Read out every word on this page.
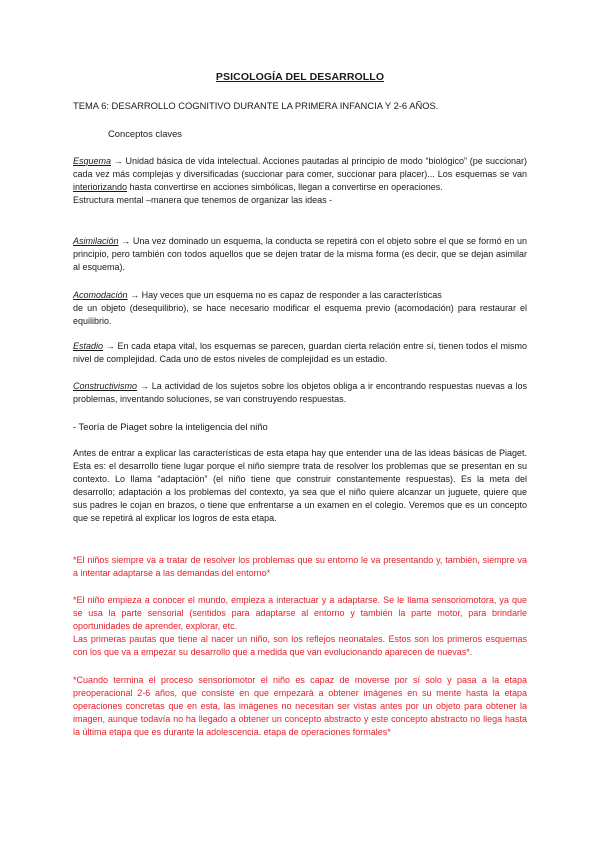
PSICOLOGÍA DEL DESARROLLO
TEMA 6: DESARROLLO COGNITIVO DURANTE LA PRIMERA INFANCIA Y 2-6 AÑOS.
Conceptos claves

Esquema → Unidad básica de vida intelectual. Acciones pautadas al principio de modo “biológico” (pe succionar) cada vez más complejas y diversificadas (succionar para comer, succionar para placer)... Los esquemas se van interiorizando hasta convertirse en acciones simbólicas, llegan a convertirse en operaciones.

Estructura mental –manera que tenemos de organizar las ideas -

Asimilación → Una vez dominado un esquema, la conducta se repetirá con el objeto sobre el que se formó en un principio, pero también con todos aquellos que se dejen tratar de la misma forma (es decir, que se dejan asimilar al esquema).

Acomodación → Hay veces que un esquema no es capaz de responder a las características

de un objeto (desequilibrio), se hace necesario modificar el esquema previo (acomodación) para restaurar el equilibrio.

Estadio → En cada etapa vital, los esquemas se parecen, guardan cierta relación entre sí, tienen todos el mismo nivel de complejidad. Cada uno de estos niveles de complejidad es un estadio.

Constructivismo → La actividad de los sujetos sobre los objetos obliga a ir encontrando respuestas nuevas a los problemas, inventando soluciones, se van construyendo respuestas.

- Teoría de Piaget sobre la inteligencia del niño

Antes de entrar a explicar las características de esta etapa hay que entender una de las ideas básicas de Piaget. Esta es: el desarrollo tiene lugar porque el niño siempre trata de resolver los problemas que se presentan en su contexto. Lo llama “adaptación” (el niño tiene que construir constantemente respuestas). Es la meta del desarrollo; adaptación a los problemas del contexto, ya sea que el niño quiere alcanzar un juguete, quiere que sus padres le cojan en brazos, o tiene que enfrentarse a un examen en el colegio. Veremos que es un concepto que se repetirá al explicar los logros de esta etapa.

*El niños siempre va a tratar de resolver los problemas que su entorno le va presentando y, también, siempre va a intentar adaptarse a las demandas del entorno*

*El niño empieza a conocer el mundo, empieza a interactuar y a adaptarse. Se le llama sensoriomotora, ya que se usa la parte sensorial (sentidos para adaptarse al entorno y también la parte motor, para brindarle oportunidades de aprender, explorar, etc.

Las primeras pautas que tiene al nacer un niño, son los reflejos neonatales. Estos son los primeros esquemas con los que va a empezar su desarrollo que a medida que van evolucionando aparecen de nuevas*.

*Cuando termina el proceso sensoriomotor el niño es capaz de moverse por sí solo y pasa a la etapa preoperacional 2-6 años, que consiste en que empezará a obtener imágenes en su mente hasta la etapa operaciones concretas que en esta, las imágenes no necesitan ser vistas antes por un objeto para obtener la imagen, aunque todavía no ha llegado a obtener un concepto abstracto y este concepto abstracto no llega hasta la última etapa que es durante la adolescencia. etapa de operaciones formales*
